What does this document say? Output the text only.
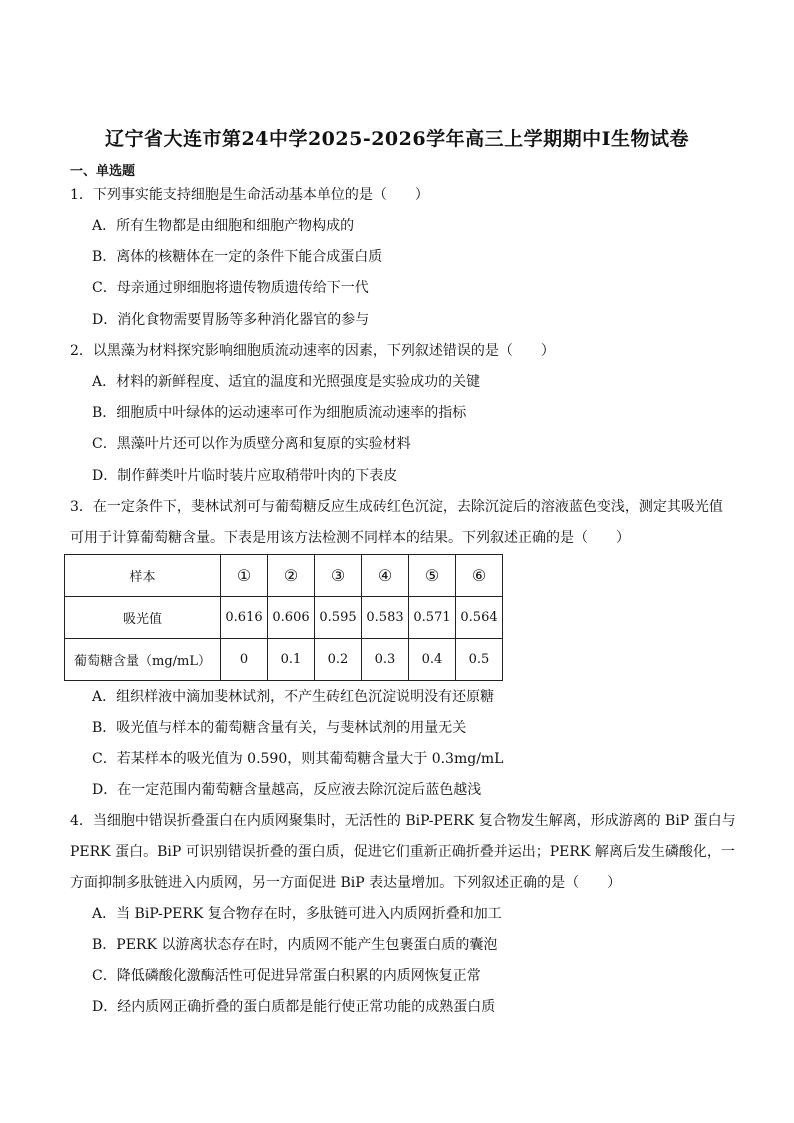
辽宁省大连市第24中学2025-2026学年高三上学期期中Ⅰ生物试卷
一、单选题
1．下列事实能支持细胞是生命活动基本单位的是（　　）
A．所有生物都是由细胞和细胞产物构成的
B．离体的核糖体在一定的条件下能合成蛋白质
C．母亲通过卵细胞将遗传物质遗传给下一代
D．消化食物需要胃肠等多种消化器官的参与
2．以黑藻为材料探究影响细胞质流动速率的因素，下列叙述错误的是（　　）
A．材料的新鲜程度、适宜的温度和光照强度是实验成功的关键
B．细胞质中叶绿体的运动速率可作为细胞质流动速率的指标
C．黑藻叶片还可以作为质壁分离和复原的实验材料
D．制作藓类叶片临时装片应取稍带叶肉的下表皮
3．在一定条件下，斐林试剂可与葡萄糖反应生成砖红色沉淀，去除沉淀后的溶液蓝色变浅，测定其吸光值
可用于计算葡萄糖含量。下表是用该方法检测不同样本的结果。下列叙述正确的是（　　）
样本	①	②	③	④	⑤	⑥
吸光值	0.616	0.606	0.595	0.583	0.571	0.564
葡萄糖含量（mg/mL）	0	0.1	0.2	0.3	0.4	0.5
A．组织样液中滴加斐林试剂，不产生砖红色沉淀说明没有还原糖
B．吸光值与样本的葡萄糖含量有关，与斐林试剂的用量无关
C．若某样本的吸光值为 0.590，则其葡萄糖含量大于 0.3mg/mL
D．在一定范围内葡萄糖含量越高，反应液去除沉淀后蓝色越浅
4．当细胞中错误折叠蛋白在内质网聚集时，无活性的 BiP-PERK 复合物发生解离，形成游离的 BiP 蛋白与
PERK 蛋白。BiP 可识别错误折叠的蛋白质，促进它们重新正确折叠并运出；PERK 解离后发生磷酸化，一
方面抑制多肽链进入内质网，另一方面促进 BiP 表达量增加。下列叙述正确的是（　　）
A．当 BiP-PERK 复合物存在时，多肽链可进入内质网折叠和加工
B．PERK 以游离状态存在时，内质网不能产生包裹蛋白质的囊泡
C．降低磷酸化激酶活性可促进异常蛋白积累的内质网恢复正常
D．经内质网正确折叠的蛋白质都是能行使正常功能的成熟蛋白质
